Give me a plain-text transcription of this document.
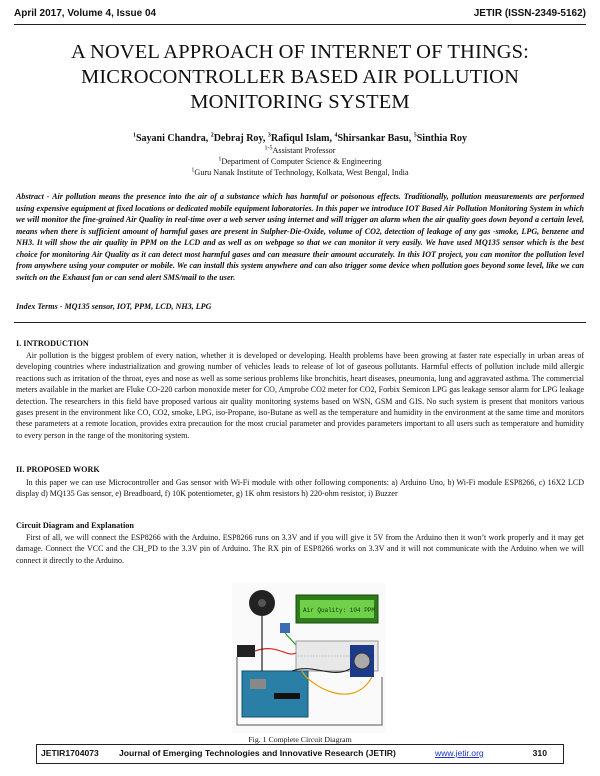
April 2017, Volume 4, Issue 04	JETIR (ISSN-2349-5162)
A NOVEL APPROACH OF INTERNET OF THINGS:
MICROCONTROLLER BASED AIR POLLUTION
MONITORING SYSTEM
$^1$Sayani Chandra, $^2$Debraj Roy, $^3$Rafiqul Islam, $^4$Shirsankar Basu, $^5$Sinthia Roy
$^{1-5}$Assistant Professor
$^1$Department of Computer Science & Engineering
$^1$Guru Nanak Institute of Technology, Kolkata, West Bengal, India
Abstract - Air pollution means the presence into the air of a substance which has harmful or poisonous effects. Traditionally, pollution measurements are performed using expensive equipment at fixed locations or dedicated mobile equipment laboratories. In this paper we introduce IOT Based Air Pollution Monitoring System in which we will monitor the fine-grained Air Quality in real-time over a web server using internet and will trigger an alarm when the air quality goes down beyond a certain level, means when there is sufficient amount of harmful gases are present in Sulpher-Die-Oxide, volume of CO2, detection of leakage of any gas -smoke, LPG, benzene and NH3. It will show the air quality in PPM on the LCD and as well as on webpage so that we can monitor it very easily. We have used MQ135 sensor which is the best choice for monitoring Air Quality as it can detect most harmful gases and can measure their amount accurately. In this IOT project, you can monitor the pollution level from anywhere using your computer or mobile. We can install this system anywhere and can also trigger some device when pollution goes beyond some level, like we can switch on the Exhaust fan or can send alert SMS/mail to the user.
Index Terms - MQ135 sensor, IOT, PPM, LCD, NH3, LPG
I. INTRODUCTION
Air pollution is the biggest problem of every nation, whether it is developed or developing. Health problems have been growing at faster rate especially in urban areas of developing countries where industrialization and growing number of vehicles leads to release of lot of gaseous pollutants. Harmful effects of pollution include mild allergic reactions such as irritation of the throat, eyes and nose as well as some serious problems like bronchitis, heart diseases, pneumonia, lung and aggravated asthma. The commercial meters available in the market are Fluke CO-220 carbon monoxide meter for CO, Amprobe CO2 meter for CO2, Forbix Semicon LPG gas leakage sensor alarm for LPG leakage detection. The researchers in this field have proposed various air quality monitoring systems based on WSN, GSM and GIS. No such system is present that monitors various gases present in the environment like CO, CO2, smoke, LPG, iso-Propane, iso-Butane as well as the temperature and humidity in the environment at the same time and monitors these parameters at a remote location, provides extra precaution for the most crucial parameter and provides parameters important to all users such as temperature and humidity to every person in the range of the monitoring system.
II. PROPOSED WORK
In this paper we can use Microcontroller and Gas sensor with Wi-Fi module with other following components: a) Arduino Uno, b) Wi-Fi module ESP8266, c) 16X2 LCD display d) MQ135 Gas sensor, e) Breadboard, f) 10K potentiometer, g) 1K ohm resistors h) 220-ohm resistor, i) Buzzer
Circuit Diagram and Explanation
First of all, we will connect the ESP8266 with the Arduino. ESP8266 runs on 3.3V and if you will give it 5V from the Arduino then it won’t work properly and it may get damage. Connect the VCC and the CH_PD to the 3.3V pin of Arduino. The RX pin of ESP8266 works on 3.3V and it will not communicate with the Arduino when we will connect it directly to the Arduino.
Air Quality: 104 PPM
Fig. 1 Complete Circuit Diagram
JETIR1704073 Journal of Emerging Technologies and Innovative Research (JETIR)	www.jetir.org	310
